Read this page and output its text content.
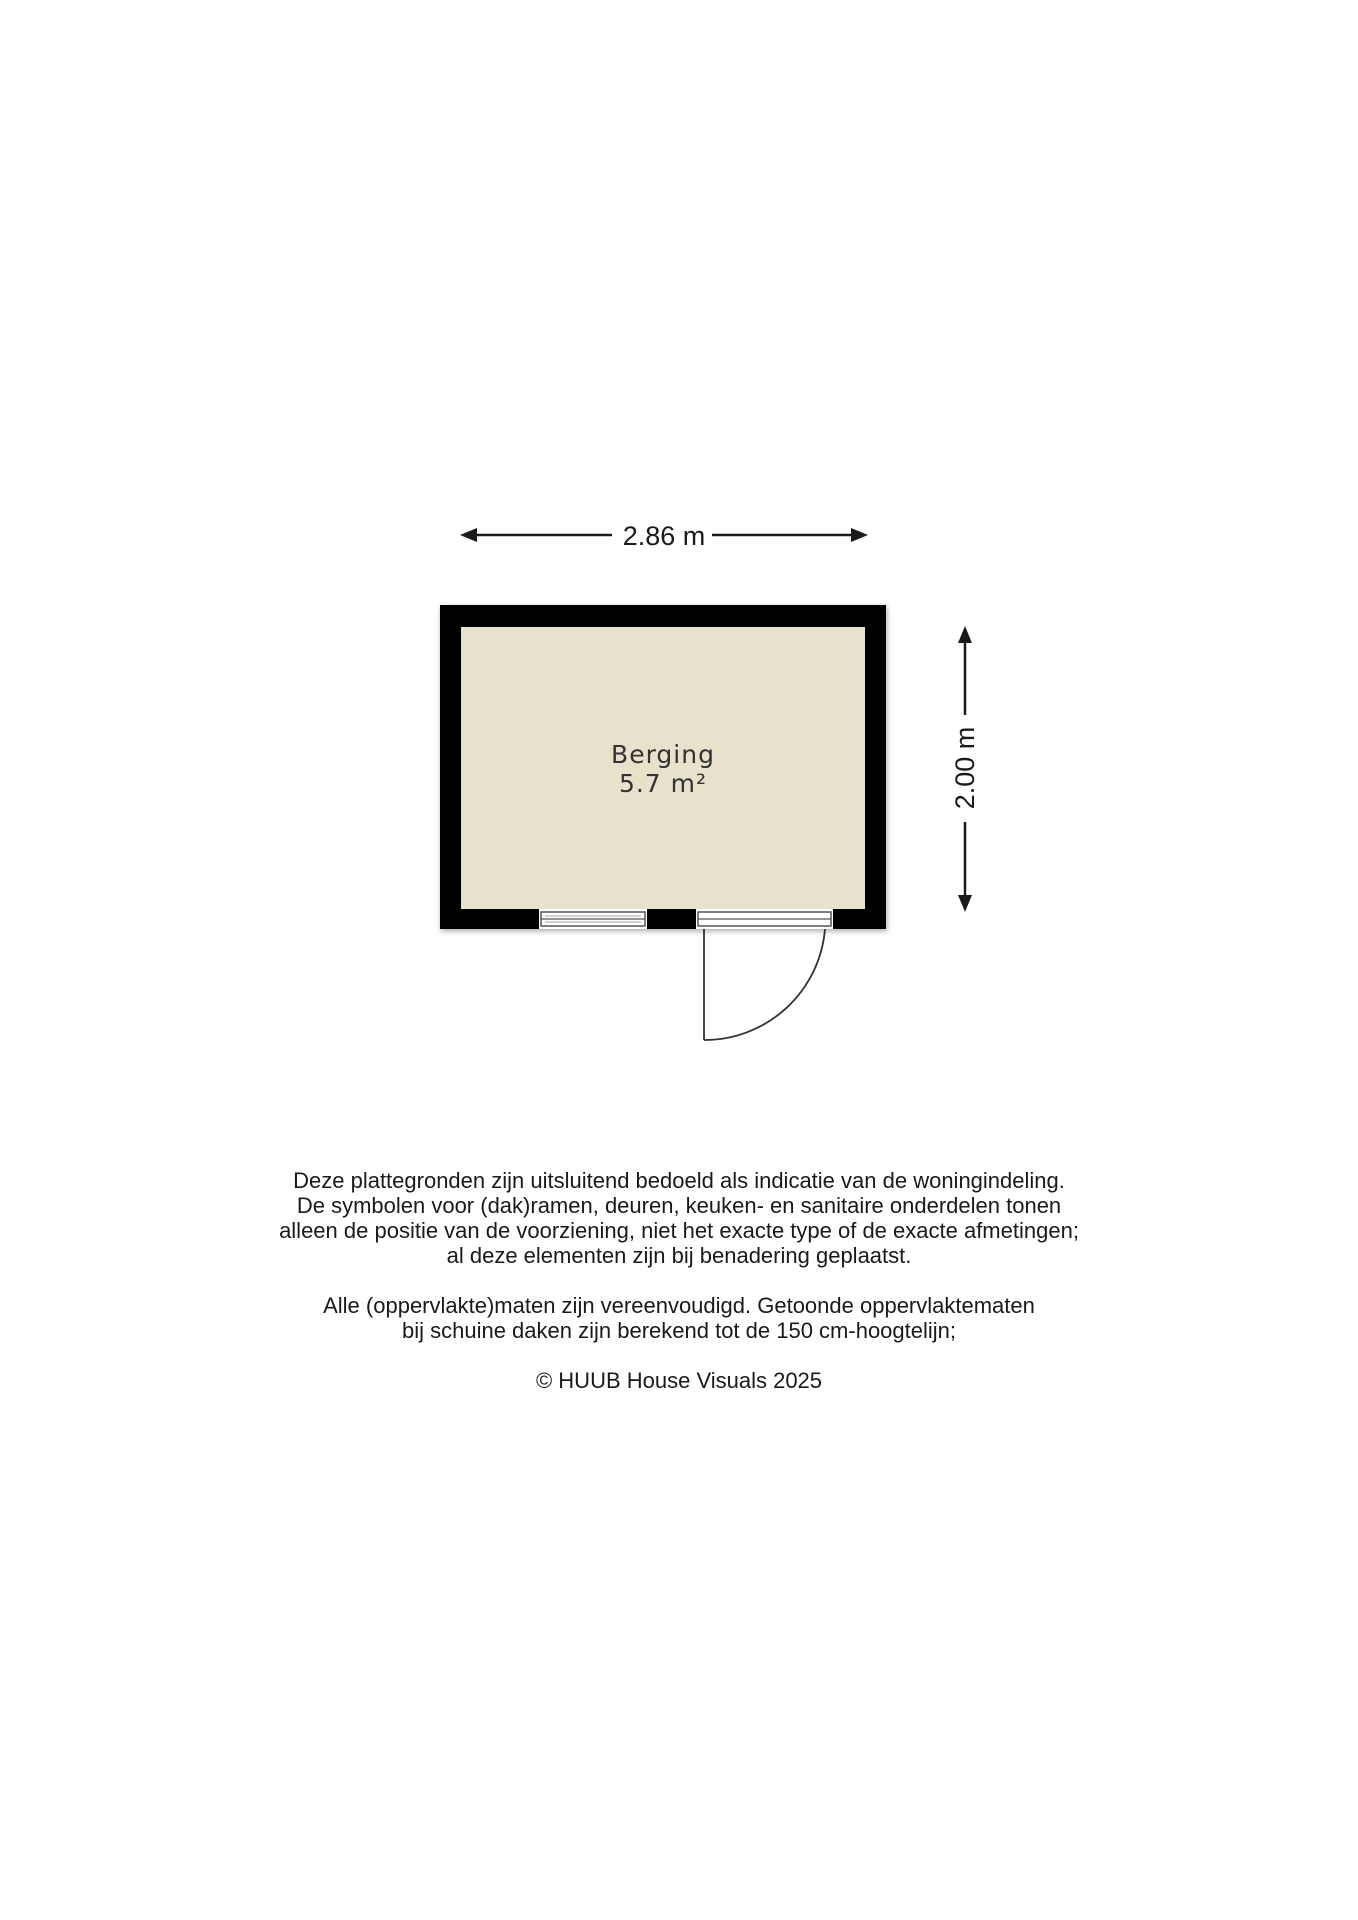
2.86 m
2.00 m
Berging
5.7 m²
Deze plattegronden zijn uitsluitend bedoeld als indicatie van de woningindeling.
De symbolen voor (dak)ramen, deuren, keuken- en sanitaire onderdelen tonen
alleen de positie van de voorziening, niet het exacte type of de exacte afmetingen;
al deze elementen zijn bij benadering geplaatst.
Alle (oppervlakte)maten zijn vereenvoudigd. Getoonde oppervlaktematen
bij schuine daken zijn berekend tot de 150 cm-hoogtelijn;
© HUUB House Visuals 2025
